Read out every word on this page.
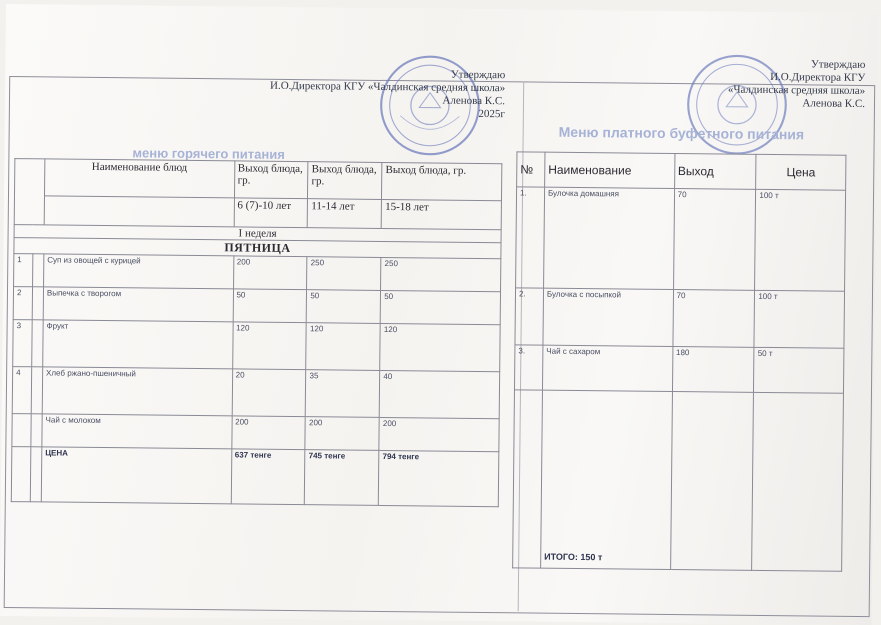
Утверждаю
И.О.Директора КГУ «Чалдинская средняя школа»
Аленова К.С.
2025г
Утверждаю
И.О.Директора КГУ
«Чалдинская средняя школа»
Аленова К.С.
меню горячего питания
Меню платного буфетного питания
		Наименование блюд	Выход блюда, гр.	Выход блюда, гр.	Выход блюда, гр.
			6 (7)-10 лет	11-14 лет	15-18 лет
I неделя					
ПЯТНИЦА					
1		Суп из овощей с курицей	200	250	250
2		Выпечка с творогом	50	50	50
3		Фрукт	120	120	120
4		Хлеб ржано-пшеничный	20	35	40
		Чай с молоком	200	200	200
		ЦЕНА	637 тенге	745 тенге	794 тенге
№	Наименование	Выход	Цена
1.	Булочка домашняя	70	100 т
2.	Булочка с посыпкой	70	100 т
3.	Чай с сахаром	180	50 т
	ИТОГО: 150 т		
